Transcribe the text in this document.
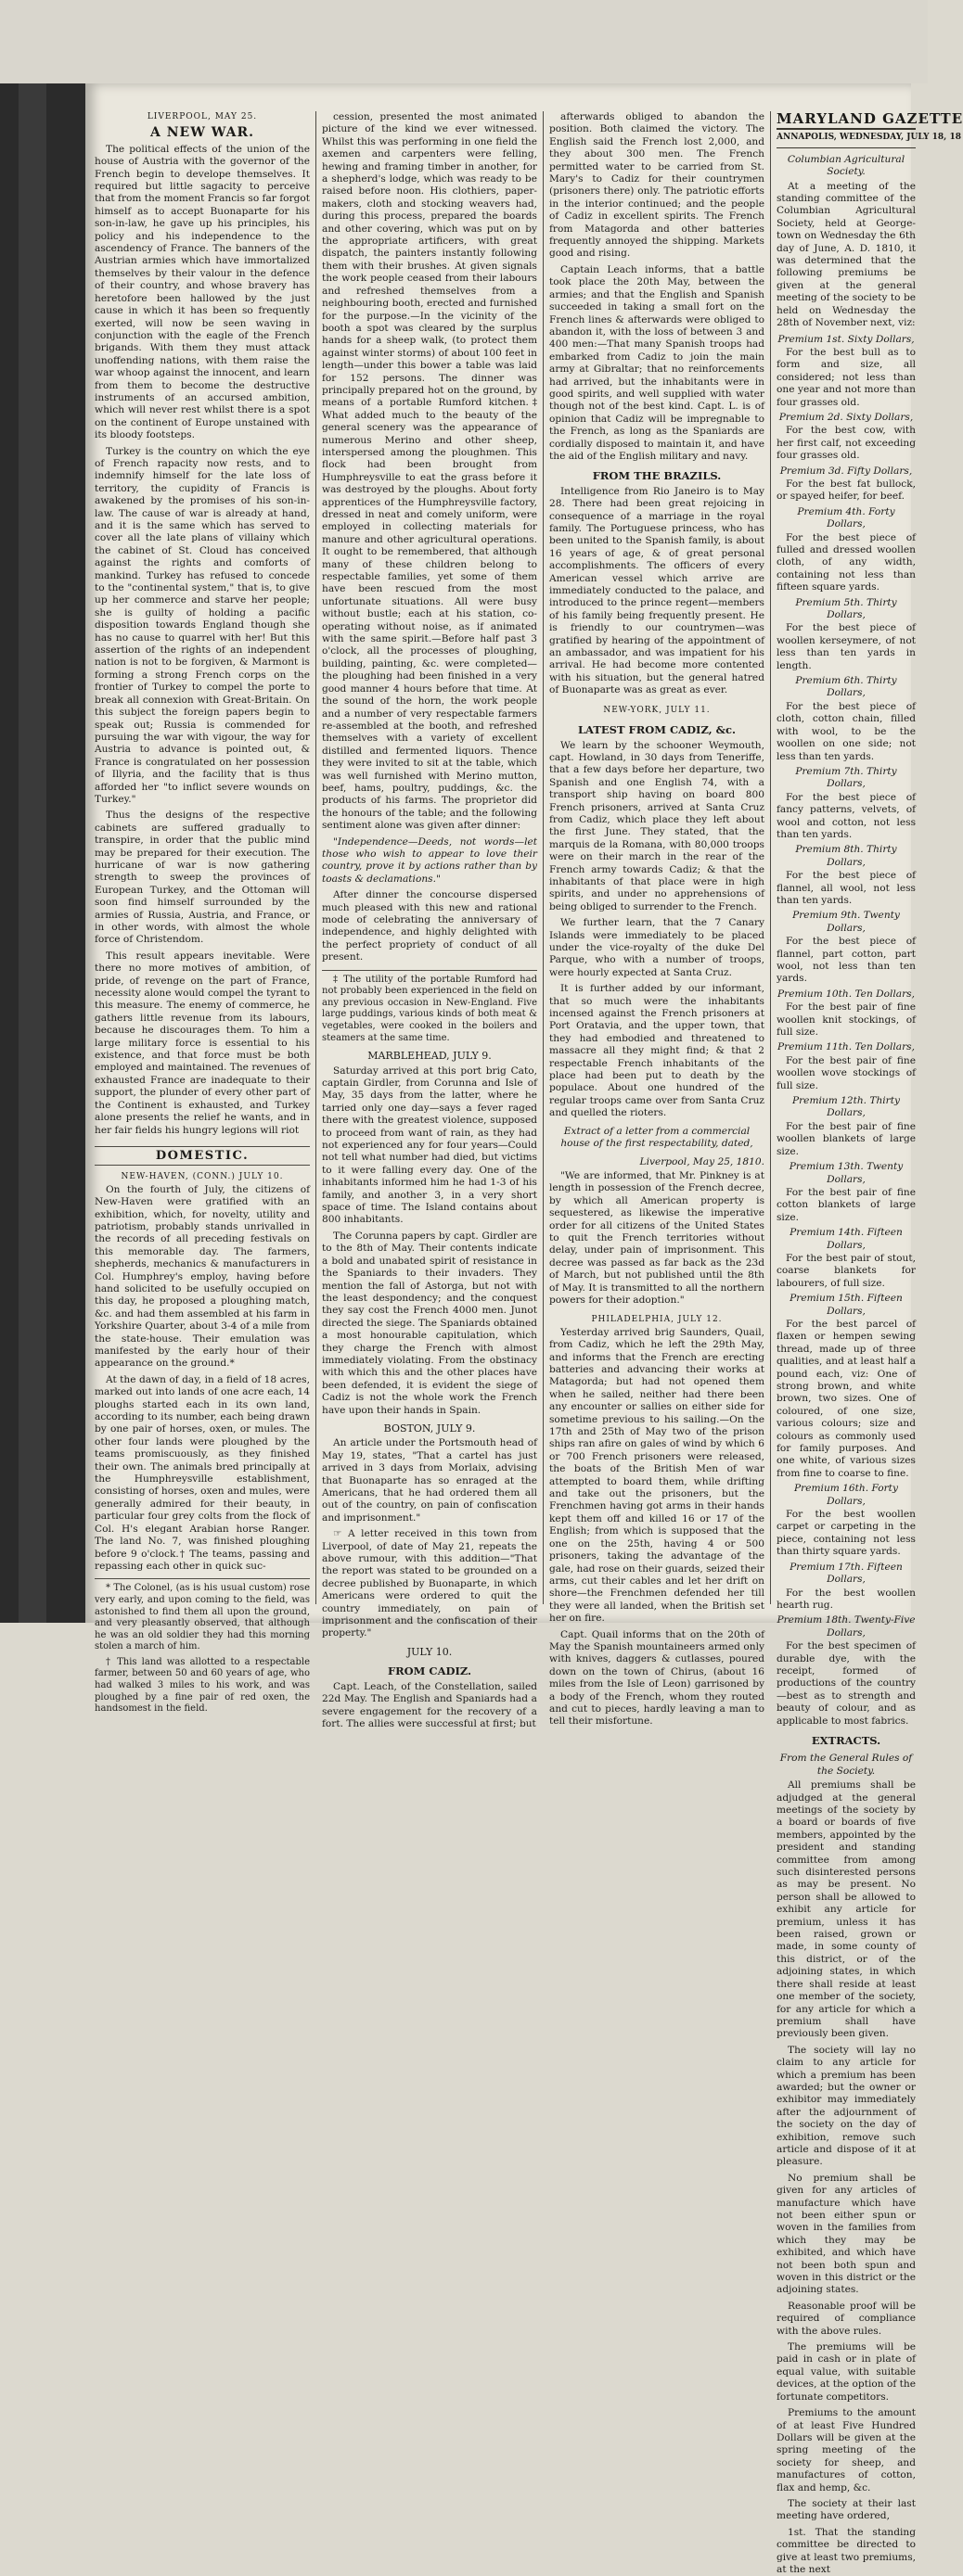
LIVERPOOL, MAY 25.
A NEW WAR.

The political effects of the union of the house of Austria with the governor of the French begin to develope themselves. It required but little sagacity to perceive that from the moment Francis so far forgot himself as to accept Buonaparte for his son-in-law, he gave up his principles, his policy and his independence to the ascendency of France. The banners of the Austrian armies which have immortalized themselves by their valour in the defence of their country, and whose bravery has heretofore been hallowed by the just cause in which it has been so frequently exerted, will now be seen waving in conjunction with the eagle of the French brigands. With them they must attack unoffending nations, with them raise the war whoop against the innocent, and learn from them to become the destructive instruments of an accursed ambition, which will never rest whilst there is a spot on the continent of Europe unstained with its bloody footsteps.

Turkey is the country on which the eye of French rapacity now rests, and to indemnify himself for the late loss of territory, the cupidity of Francis is awakened by the promises of his son-in-law. The cause of war is already at hand, and it is the same which has served to cover all the late plans of villainy which the cabinet of St. Cloud has conceived against the rights and comforts of mankind. Turkey has refused to concede to the "continental system," that is, to give up her commerce and starve her people; she is guilty of holding a pacific disposition towards England though she has no cause to quarrel with her! But this assertion of the rights of an independent nation is not to be forgiven, & Marmont is forming a strong French corps on the frontier of Turkey to compel the porte to break all connexion with Great-Britain. On this subject the foreign papers begin to speak out; Russia is commended for pursuing the war with vigour, the way for Austria to advance is pointed out, & France is congratulated on her possession of Illyria, and the facility that is thus afforded her "to inflict severe wounds on Turkey."

Thus the designs of the respective cabinets are suffered gradually to transpire, in order that the public mind may be prepared for their execution. The hurricane of war is now gathering strength to sweep the provinces of European Turkey, and the Ottoman will soon find himself surrounded by the armies of Russia, Austria, and France, or in other words, with almost the whole force of Christendom.

This result appears inevitable. Were there no more motives of ambition, of pride, of revenge on the part of France, necessity alone would compel the tyrant to this measure. The enemy of commerce, he gathers little revenue from its labours, because he discourages them. To him a large military force is essential to his existence, and that force must be both employed and maintained. The revenues of exhausted France are inadequate to their support, the plunder of every other part of the Continent is exhausted, and Turkey alone presents the relief he wants, and in her fair fields his hungry legions will riot

DOMESTIC.
NEW-HAVEN, (CONN.) JULY 10.

On the fourth of July, the citizens of New-Haven were gratified with an exhibition, which, for novelty, utility and patriotism, probably stands unrivalled in the records of all preceding festivals on this memorable day. The farmers, shepherds, mechanics & manufacturers in Col. Humphrey's employ, having before hand solicited to be usefully occupied on this day, he proposed a ploughing match, &c. and had them assembled at his farm in Yorkshire Quarter, about 3-4 of a mile from the state-house. Their emulation was manifested by the early hour of their appearance on the ground.*

At the dawn of day, in a field of 18 acres, marked out into lands of one acre each, 14 ploughs started each in its own land, according to its number, each being drawn by one pair of horses, oxen, or mules. The other four lands were ploughed by the teams promiscuously, as they finished their own. The animals bred principally at the Humphreysville establishment, consisting of horses, oxen and mules, were generally admired for their beauty, in particular four grey colts from the flock of Col. H's elegant Arabian horse Ranger. The land No. 7, was finished ploughing before 9 o'clock.† The teams, passing and repassing each other in quick suc-

* The Colonel, (as is his usual custom) rose very early, and upon coming to the field, was astonished to find them all upon the ground, and very pleasantly observed, that although he was an old soldier they had this morning stolen a march of him.

† This land was allotted to a respectable farmer, between 50 and 60 years of age, who had walked 3 miles to his work, and was ploughed by a fine pair of red oxen, the handsomest in the field.

cession, presented the most animated picture of the kind we ever witnessed. Whilst this was performing in one field the axemen and carpenters were felling, hewing and framing timber in another, for a shepherd's lodge, which was ready to be raised before noon. His clothiers, paper-makers, cloth and stocking weavers had, during this process, prepared the boards and other covering, which was put on by the appropriate artificers, with great dispatch, the painters instantly following them with their brushes. At given signals the work people ceased from their labours and refreshed themselves from a neighbouring booth, erected and furnished for the purpose.—In the vicinity of the booth a spot was cleared by the surplus hands for a sheep walk, (to protect them against winter storms) of about 100 feet in length—under this bower a table was laid for 152 persons. The dinner was principally prepared hot on the ground, by means of a portable Rumford kitchen.‡ What added much to the beauty of the general scenery was the appearance of numerous Merino and other sheep, interspersed among the ploughmen. This flock had been brought from Humphreysville to eat the grass before it was destroyed by the ploughs. About forty apprentices of the Humphreysville factory, dressed in neat and comely uniform, were employed in collecting materials for manure and other agricultural operations. It ought to be remembered, that although many of these children belong to respectable families, yet some of them have been rescued from the most unfortunate situations. All were busy without bustle; each at his station, co-operating without noise, as if animated with the same spirit.—Before half past 3 o'clock, all the processes of ploughing, building, painting, &c. were completed—the ploughing had been finished in a very good manner 4 hours before that time. At the sound of the horn, the work people and a number of very respectable farmers re-assembled at the booth, and refreshed themselves with a variety of excellent distilled and fermented liquors. Thence they were invited to sit at the table, which was well furnished with Merino mutton, beef, hams, poultry, puddings, &c. the products of his farms. The proprietor did the honours of the table; and the following sentiment alone was given after dinner:

"Independence—Deeds, not words—let those who wish to appear to love their country, prove it by actions rather than by toasts & declamations."

After dinner the concourse dispersed much pleased with this new and rational mode of celebrating the anniversary of independence, and highly delighted with the perfect propriety of conduct of all present.

‡ The utility of the portable Rumford had not probably been experienced in the field on any previous occasion in New-England. Five large puddings, various kinds of both meat & vegetables, were cooked in the boilers and steamers at the same time.

MARBLEHEAD, JULY 9.

Saturday arrived at this port brig Cato, captain Girdler, from Corunna and Isle of May, 35 days from the latter, where he tarried only one day—says a fever raged there with the greatest violence, supposed to proceed from want of rain, as they had not experienced any for four years—Could not tell what number had died, but victims to it were falling every day. One of the inhabitants informed him he had 1-3 of his family, and another 3, in a very short space of time. The Island contains about 800 inhabitants.

The Corunna papers by capt. Girdler are to the 8th of May. Their contents indicate a bold and unabated spirit of resistance in the Spaniards to their invaders. They mention the fall of Astorga, but not with the least despondency; and the conquest they say cost the French 4000 men. Junot directed the siege. The Spaniards obtained a most honourable capitulation, which they charge the French with almost immediately violating. From the obstinacy with which this and the other places have been defended, it is evident the siege of Cadiz is not the whole work the French have upon their hands in Spain.

BOSTON, JULY 9.

An article under the Portsmouth head of May 19, states, "That a cartel has just arrived in 3 days from Morlaix, advising that Buonaparte has so enraged at the Americans, that he had ordered them all out of the country, on pain of confiscation and imprisonment."

☞ A letter received in this town from Liverpool, of date of May 21, repeats the above rumour, with this addition—"That the report was stated to be grounded on a decree published by Buonaparte, in which Americans were ordered to quit the country immediately, on pain of imprisonment and the confiscation of their property."

JULY 10.
FROM CADIZ.

Capt. Leach, of the Constellation, sailed 22d May. The English and Spaniards had a severe engagement for the recovery of a fort. The allies were successful at first; but

afterwards obliged to abandon the position. Both claimed the victory. The English said the French lost 2,000, and they about 300 men. The French permitted water to be carried from St. Mary's to Cadiz for their countrymen (prisoners there) only. The patriotic efforts in the interior continued; and the people of Cadiz in excellent spirits. The French from Matagorda and other batteries frequently annoyed the shipping. Markets good and rising.

Captain Leach informs, that a battle took place the 20th May, between the armies; and that the English and Spanish succeeded in taking a small fort on the French lines & afterwards were obliged to abandon it, with the loss of between 3 and 400 men:—That many Spanish troops had embarked from Cadiz to join the main army at Gibraltar; that no reinforcements had arrived, but the inhabitants were in good spirits, and well supplied with water though not of the best kind. Capt. L. is of opinion that Cadiz will be impregnable to the French, as long as the Spaniards are cordially disposed to maintain it, and have the aid of the English military and navy.

FROM THE BRAZILS.

Intelligence from Rio Janeiro is to May 28. There had been great rejoicing in consequence of a marriage in the royal family. The Portuguese princess, who has been united to the Spanish family, is about 16 years of age, & of great personal accomplishments. The officers of every American vessel which arrive are immediately conducted to the palace, and introduced to the prince regent—members of his family being frequently present. He is friendly to our countrymen—was gratified by hearing of the appointment of an ambassador, and was impatient for his arrival. He had become more contented with his situation, but the general hatred of Buonaparte was as great as ever.

NEW-YORK, JULY 11.
LATEST FROM CADIZ, &c.

We learn by the schooner Weymouth, capt. Howland, in 30 days from Teneriffe, that a few days before her departure, two Spanish and one English 74, with a transport ship having on board 800 French prisoners, arrived at Santa Cruz from Cadiz, which place they left about the first June. They stated, that the marquis de la Romana, with 80,000 troops were on their march in the rear of the French army towards Cadiz; & that the inhabitants of that place were in high spirits, and under no apprehensions of being obliged to surrender to the French.

We further learn, that the 7 Canary Islands were immediately to be placed under the vice-royalty of the duke Del Parque, who with a number of troops, were hourly expected at Santa Cruz.

It is further added by our informant, that so much were the inhabitants incensed against the French prisoners at Port Oratavia, and the upper town, that they had embodied and threatened to massacre all they might find; & that 2 respectable French inhabitants of the place had been put to death by the populace. About one hundred of the regular troops came over from Santa Cruz and quelled the rioters.

Extract of a letter from a commercial house of the first respectability, dated,
Liverpool, May 25, 1810.

"We are informed, that Mr. Pinkney is at length in possession of the French decree, by which all American property is sequestered, as likewise the imperative order for all citizens of the United States to quit the French territories without delay, under pain of imprisonment. This decree was passed as far back as the 23d of March, but not published until the 8th of May. It is transmitted to all the northern powers for their adoption."

PHILADELPHIA, JULY 12.

Yesterday arrived brig Saunders, Quail, from Cadiz, which he left the 29th May, and informs that the French are erecting batteries and advancing their works at Matagorda; but had not opened them when he sailed, neither had there been any encounter or sallies on either side for sometime previous to his sailing.—On the 17th and 25th of May two of the prison ships ran afire on gales of wind by which 6 or 700 French prisoners were released, the boats of the British Men of war attempted to board them, while drifting and take out the prisoners, but the Frenchmen having got arms in their hands kept them off and killed 16 or 17 of the English; from which is supposed that the one on the 25th, having 4 or 500 prisoners, taking the advantage of the gale, had rose on their guards, seized their arms, cut their cables and let her drift on shore—the Frenchmen defended her till they were all landed, when the British set her on fire.

Capt. Quail informs that on the 20th of May the Spanish mountaineers armed only with knives, daggers & cutlasses, poured down on the town of Chirus, (about 16 miles from the Isle of Leon) garrisoned by a body of the French, whom they routed and cut to pieces, hardly leaving a man to tell their misfortune.

MARYLAND GAZETTE
ANNAPOLIS, WEDNESDAY, JULY 18, 18
Columbian Agricultural Society.

At a meeting of the standing committee of the Columbian Agricultural Society, held at George-town on Wednesday the 6th day of June, A. D. 1810, it was determined that the following premiums be given at the general meeting of the society to be held on Wednesday the 28th of November next, viz:

Premium 1st. Sixty Dollars,

For the best bull as to form and size, all considered; not less than one year and not more than four grasses old.

Premium 2d. Sixty Dollars,

For the best cow, with her first calf, not exceeding four grasses old.

Premium 3d. Fifty Dollars,

For the best fat bullock, or spayed heifer, for beef.

Premium 4th. Forty Dollars,

For the best piece of fulled and dressed woollen cloth, of any width, containing not less than fifteen square yards.

Premium 5th. Thirty Dollars,

For the best piece of woollen kerseymere, of not less than ten yards in length.

Premium 6th. Thirty Dollars,

For the best piece of cloth, cotton chain, filled with wool, to be the woollen on one side; not less than ten yards.

Premium 7th. Thirty Dollars,

For the best piece of fancy patterns, velvets, of wool and cotton, not less than ten yards.

Premium 8th. Thirty Dollars,

For the best piece of flannel, all wool, not less than ten yards.

Premium 9th. Twenty Dollars,

For the best piece of flannel, part cotton, part wool, not less than ten yards.

Premium 10th. Ten Dollars,

For the best pair of fine woollen knit stockings, of full size.

Premium 11th. Ten Dollars,

For the best pair of fine woollen wove stockings of full size.

Premium 12th. Thirty Dollars,

For the best pair of fine woollen blankets of large size.

Premium 13th. Twenty Dollars,

For the best pair of fine cotton blankets of large size.

Premium 14th. Fifteen Dollars,

For the best pair of stout, coarse blankets for labourers, of full size.

Premium 15th. Fifteen Dollars,

For the best parcel of flaxen or hempen sewing thread, made up of three qualities, and at least half a pound each, viz: One of strong brown, and white brown, two sizes. One of coloured, of one size, various colours; size and colours as commonly used for family purposes. And one white, of various sizes from fine to coarse to fine.

Premium 16th. Forty Dollars,

For the best woollen carpet or carpeting in the piece, containing not less than thirty square yards.

Premium 17th. Fifteen Dollars,

For the best woollen hearth rug.

Premium 18th. Twenty-Five Dollars,

For the best specimen of durable dye, with the receipt, formed of productions of the country—best as to strength and beauty of colour, and as applicable to most fabrics.

EXTRACTS.
From the General Rules of the Society.

All premiums shall be adjudged at the general meetings of the society by a board or boards of five members, appointed by the president and standing committee from among such disinterested persons as may be present. No person shall be allowed to exhibit any article for premium, unless it has been raised, grown or made, in some county of this district, or of the adjoining states, in which there shall reside at least one member of the society, for any article for which a premium shall have previously been given.

The society will lay no claim to any article for which a premium has been awarded; but the owner or exhibitor may immediately after the adjournment of the society on the day of exhibition, remove such article and dispose of it at pleasure.

No premium shall be given for any articles of manufacture which have not been either spun or woven in the families from which they may be exhibited, and which have not been both spun and woven in this district or the adjoining states.

Reasonable proof will be required of compliance with the above rules.

The premiums will be paid in cash or in plate of equal value, with suitable devices, at the option of the fortunate competitors.

Premiums to the amount of at least Five Hundred Dollars will be given at the spring meeting of the society for sheep, and manufactures of cotton, flax and hemp, &c.

The society at their last meeting have ordered,

1st. That the standing committee be directed to give at least two premiums, at the next
